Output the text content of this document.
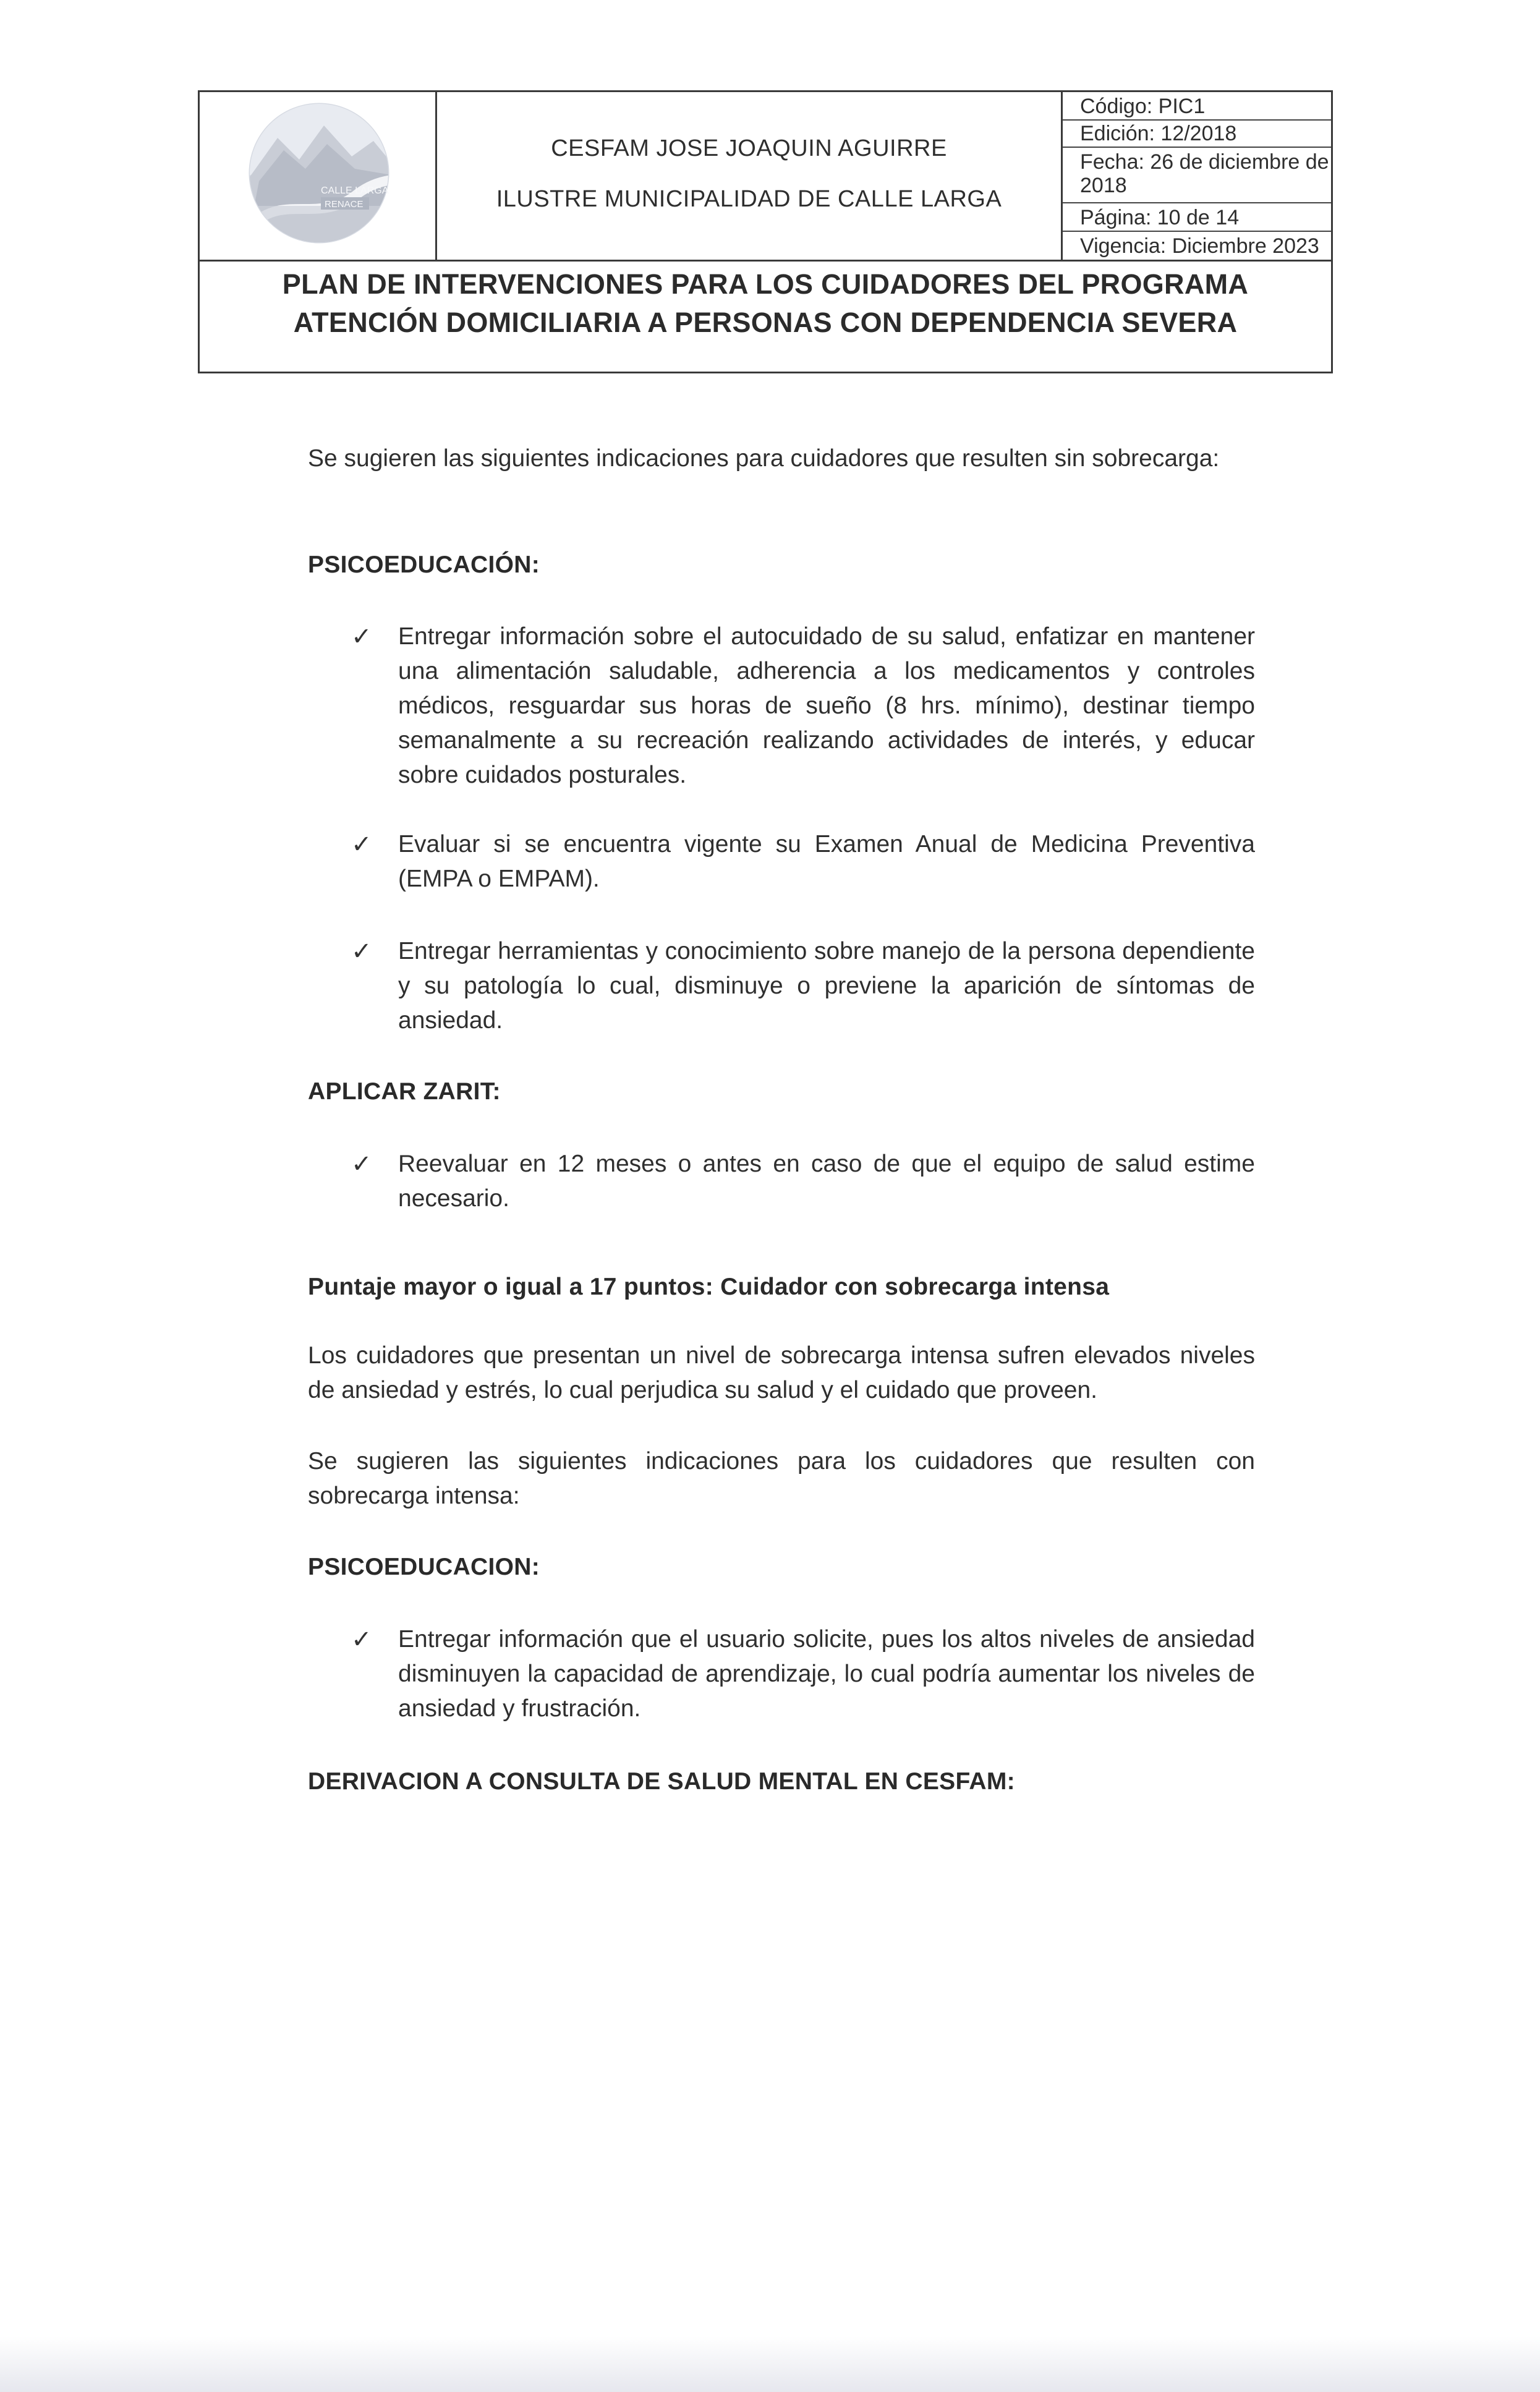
CALLE LARGA
RENACE
CESFAM JOSE JOAQUIN AGUIRRE
ILUSTRE MUNICIPALIDAD DE CALLE LARGA
Código: PIC1
Edición: 12/2018
Fecha: 26 de diciembre de 2018
Página: 10 de 14
Vigencia: Diciembre 2023
PLAN DE INTERVENCIONES PARA LOS CUIDADORES DEL PROGRAMA
ATENCIÓN DOMICILIARIA A PERSONAS CON DEPENDENCIA SEVERA
Se sugieren las siguientes indicaciones para cuidadores que resulten sin sobrecarga:
PSICOEDUCACIÓN:
✓ Entregar información sobre el autocuidado de su salud, enfatizar en mantener una alimentación saludable, adherencia a los medicamentos y controles médicos, resguardar sus horas de sueño (8 hrs. mínimo), destinar tiempo semanalmente a su recreación realizando actividades de interés, y educar sobre cuidados posturales.
✓ Evaluar si se encuentra vigente su Examen Anual de Medicina Preventiva (EMPA o EMPAM).
✓ Entregar herramientas y conocimiento sobre manejo de la persona dependiente y su patología lo cual, disminuye o previene la aparición de síntomas de ansiedad.
APLICAR ZARIT:
✓ Reevaluar en 12 meses o antes en caso de que el equipo de salud estime necesario.
Puntaje mayor o igual a 17 puntos: Cuidador con sobrecarga intensa
Los cuidadores que presentan un nivel de sobrecarga intensa sufren elevados niveles de ansiedad y estrés, lo cual perjudica su salud y el cuidado que proveen.
Se sugieren las siguientes indicaciones para los cuidadores que resulten con sobrecarga intensa:
PSICOEDUCACION:
✓ Entregar información que el usuario solicite, pues los altos niveles de ansiedad disminuyen la capacidad de aprendizaje, lo cual podría aumentar los niveles de ansiedad y frustración.
DERIVACION A CONSULTA DE SALUD MENTAL EN CESFAM:
